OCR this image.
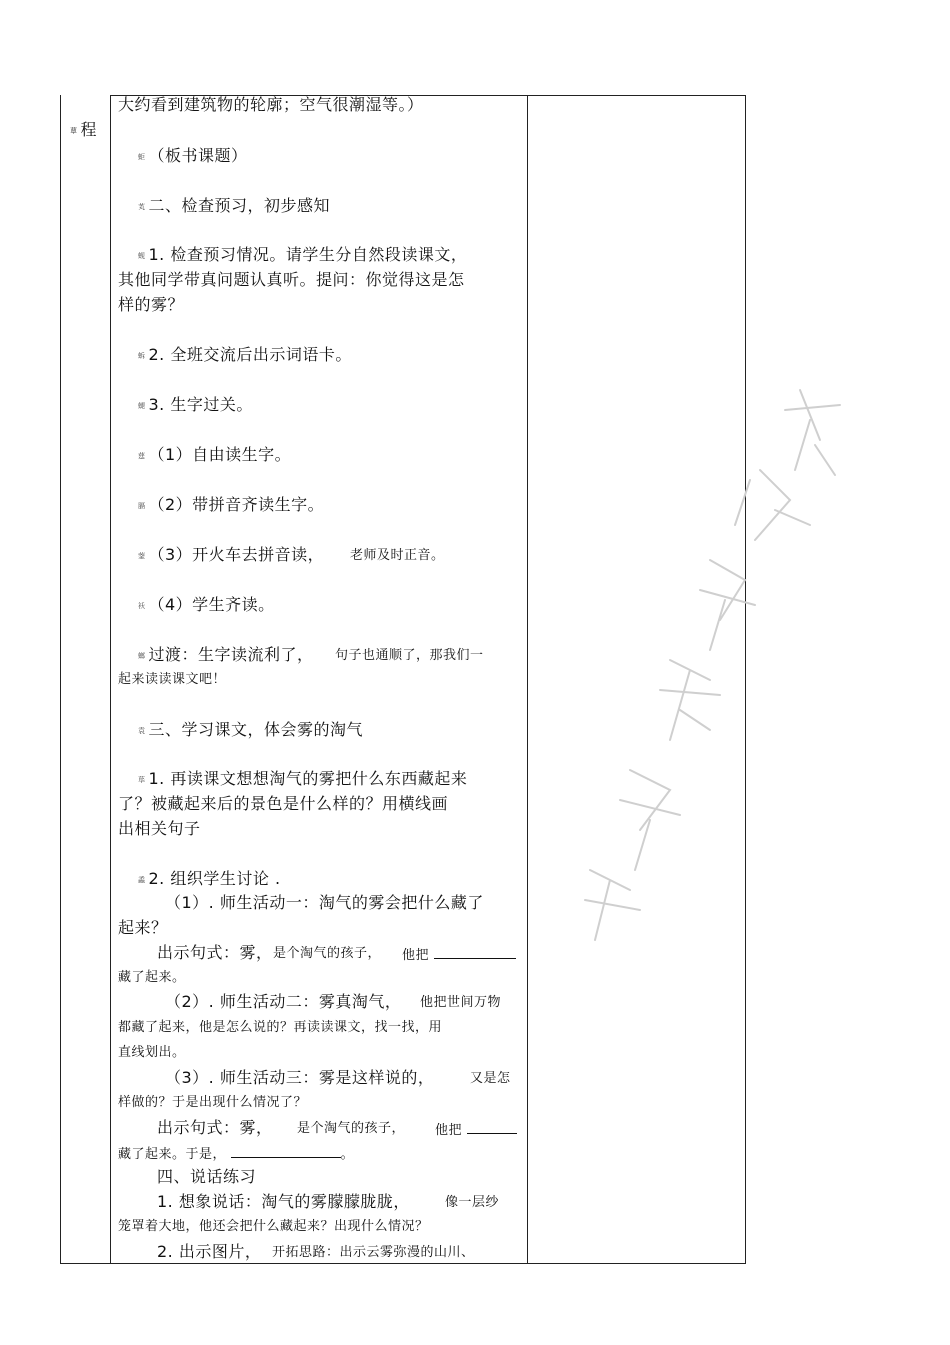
蕈 程
大约看到建筑物的轮廓；空气很潮湿等。）
蚷 （板书课题）
芄 二、检查预习，初步感知
蚬 1. 检查预习情况。请学生分自然段读课文，
其他同学带真问题认真听。提问：你觉得这是怎
样的雾？
蚸 2. 全班交流后出示词语卡。
螁 3. 生字过关。
莛 （1）自由读生字。
膈 （2）带拼音齐读生字。
蓥 （3）开火车去拼音读， 老师及时正音。
袄 （4）学生齐读。
螂 过渡：生字读流利了， 句子也通顺了，那我们一
起来读读课文吧！
袁 三、学习课文，体会雾的淘气
荜 1. 再读课文想想淘气的雾把什么东西藏起来
了？被藏起来后的景色是什么样的？用横线画
出相关句子
蟊 2. 组织学生讨论 .
（1）. 师生活动一：淘气的雾会把什么藏了
起来？
出示句式：雾， 是个淘气的孩子， 他把
藏了起来。
（2）. 师生活动二：雾真淘气， 他把世间万物
都藏了起来，他是怎么说的？再读读课文，找一找，用
直线划出。
（3）. 师生活动三：雾是这样说的，	又是怎
样做的？于是出现什么情况了？
出示句式：雾， 是个淘气的孩子， 他把
藏了起来。于是，	。
四、说话练习
1. 想象说话：淘气的雾朦朦胧胧，	像一层纱
笼罩着大地，他还会把什么藏起来？出现什么情况？
2. 出示图片， 开拓思路：出示云雾弥漫的山川、
